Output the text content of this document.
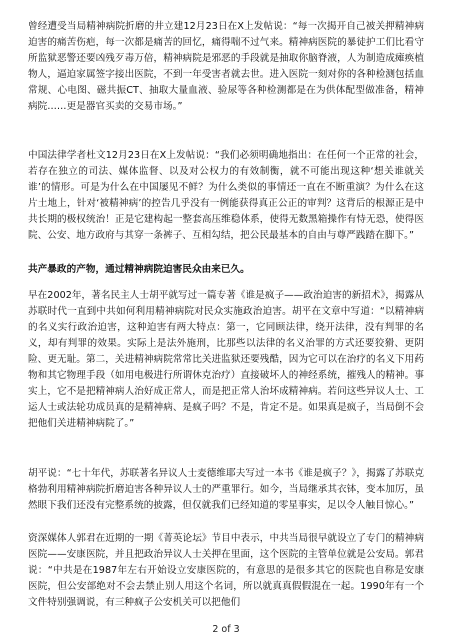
曾经遭受当局精神病院折磨的井立建12月23日在X上发帖说：“每一次揭开自己被关押精神病迫害的痛苦伤疤，每一次都是痛苦的回忆，痛得喘不过气来。精神病医院的暴徒护工们比看守所监狱恶警还要凶残歹毒万倍，精神病院是邪恶的手段就是抽取你脑脊液，人为制造成瘫痪植物人，逼迫家属签字接出医院，不到一年受害者就去世。进入医院一刻对你的各种检测包括血常规、心电图、磁共振CT、抽取大量血液、验尿等各种检测都是在为供体配型做准备，精神病院……更是器官买卖的交易市场。”
中国法律学者杜文12月23日在X上发帖说：“我们必须明确地指出：在任何一个正常的社会，若存在独立的司法、媒体监督、以及对公权力的有效制衡，就不可能出现这种‘想关谁就关谁’的情形。可是为什么在中国屡见不鲜？为什么类似的事情还一直在不断重演？为什么在这片土地上，针对‘被精神病’的控告几乎没有一例能获得真正公正的审判？这背后的根源正是中共长期的极权统治！正是它建构起一整套高压维稳体系，使得无数黑箱操作有恃无恐，使得医院、公安、地方政府与其穿一条裤子、互相勾结，把公民最基本的自由与尊严践踏在脚下。”
共产暴政的产物，通过精神病院迫害民众由来已久。
早在2002年，著名民主人士胡平就写过一篇专著《谁是疯子——政治迫害的新招术》，揭露从苏联时代一直到中共如何利用精神病院对民众实施政治迫害。胡平在文章中写道：“以精神病的名义实行政治迫害，这种迫害有两大特点：第一，它同顾法律，绕开法律，没有判罪的名义，却有判罪的效果。实际上是法外施刑，比那些以法律的名义治罪的方式还要狡猾、更阴险、更无耻。第二，关进精神病院常常比关进监狱还要残酷，因为它可以在治疗的名义下用药物和其它物理手段（如用电极进行所谓休克治疗）直接破坏人的神经系统，摧残人的精神。事实上，它不是把精神病人治好成正常人，而是把正常人治坏成精神病。若问这些异议人士、工运人士或法轮功成员真的是精神病、是疯子吗？不是，肯定不是。如果真是疯子，当局倒不会把他们关进精神病院了。”
胡平说：“七十年代，苏联著名异议人士麦德维耶夫写过一本书《谁是疯子？》，揭露了苏联克格勃利用精神病院折磨迫害各种异议人士的严重罪行。如今，当局继承其衣钵，变本加厉，虽然眼下我们还没有完整系统的披露，但仅就我们已经知道的零星事实，足以令人触目惊心。”
资深媒体人郭君在近期的一期《菁英论坛》节目中表示，中共当局很早就设立了专门的精神病医院——安康医院，并且把政治异议人士关押在里面，这个医院的主管单位就是公安局。郭君说：“中共是在1987年左右开始设立安康医院的，有意思的是很多其它的医院也自称是安康医院，但公安部绝对不会去禁止别人用这个名词，所以就真真假假混在一起。1990年有一个文件特别强调说，有三种疯子公安机关可以把他们
2 of 3
